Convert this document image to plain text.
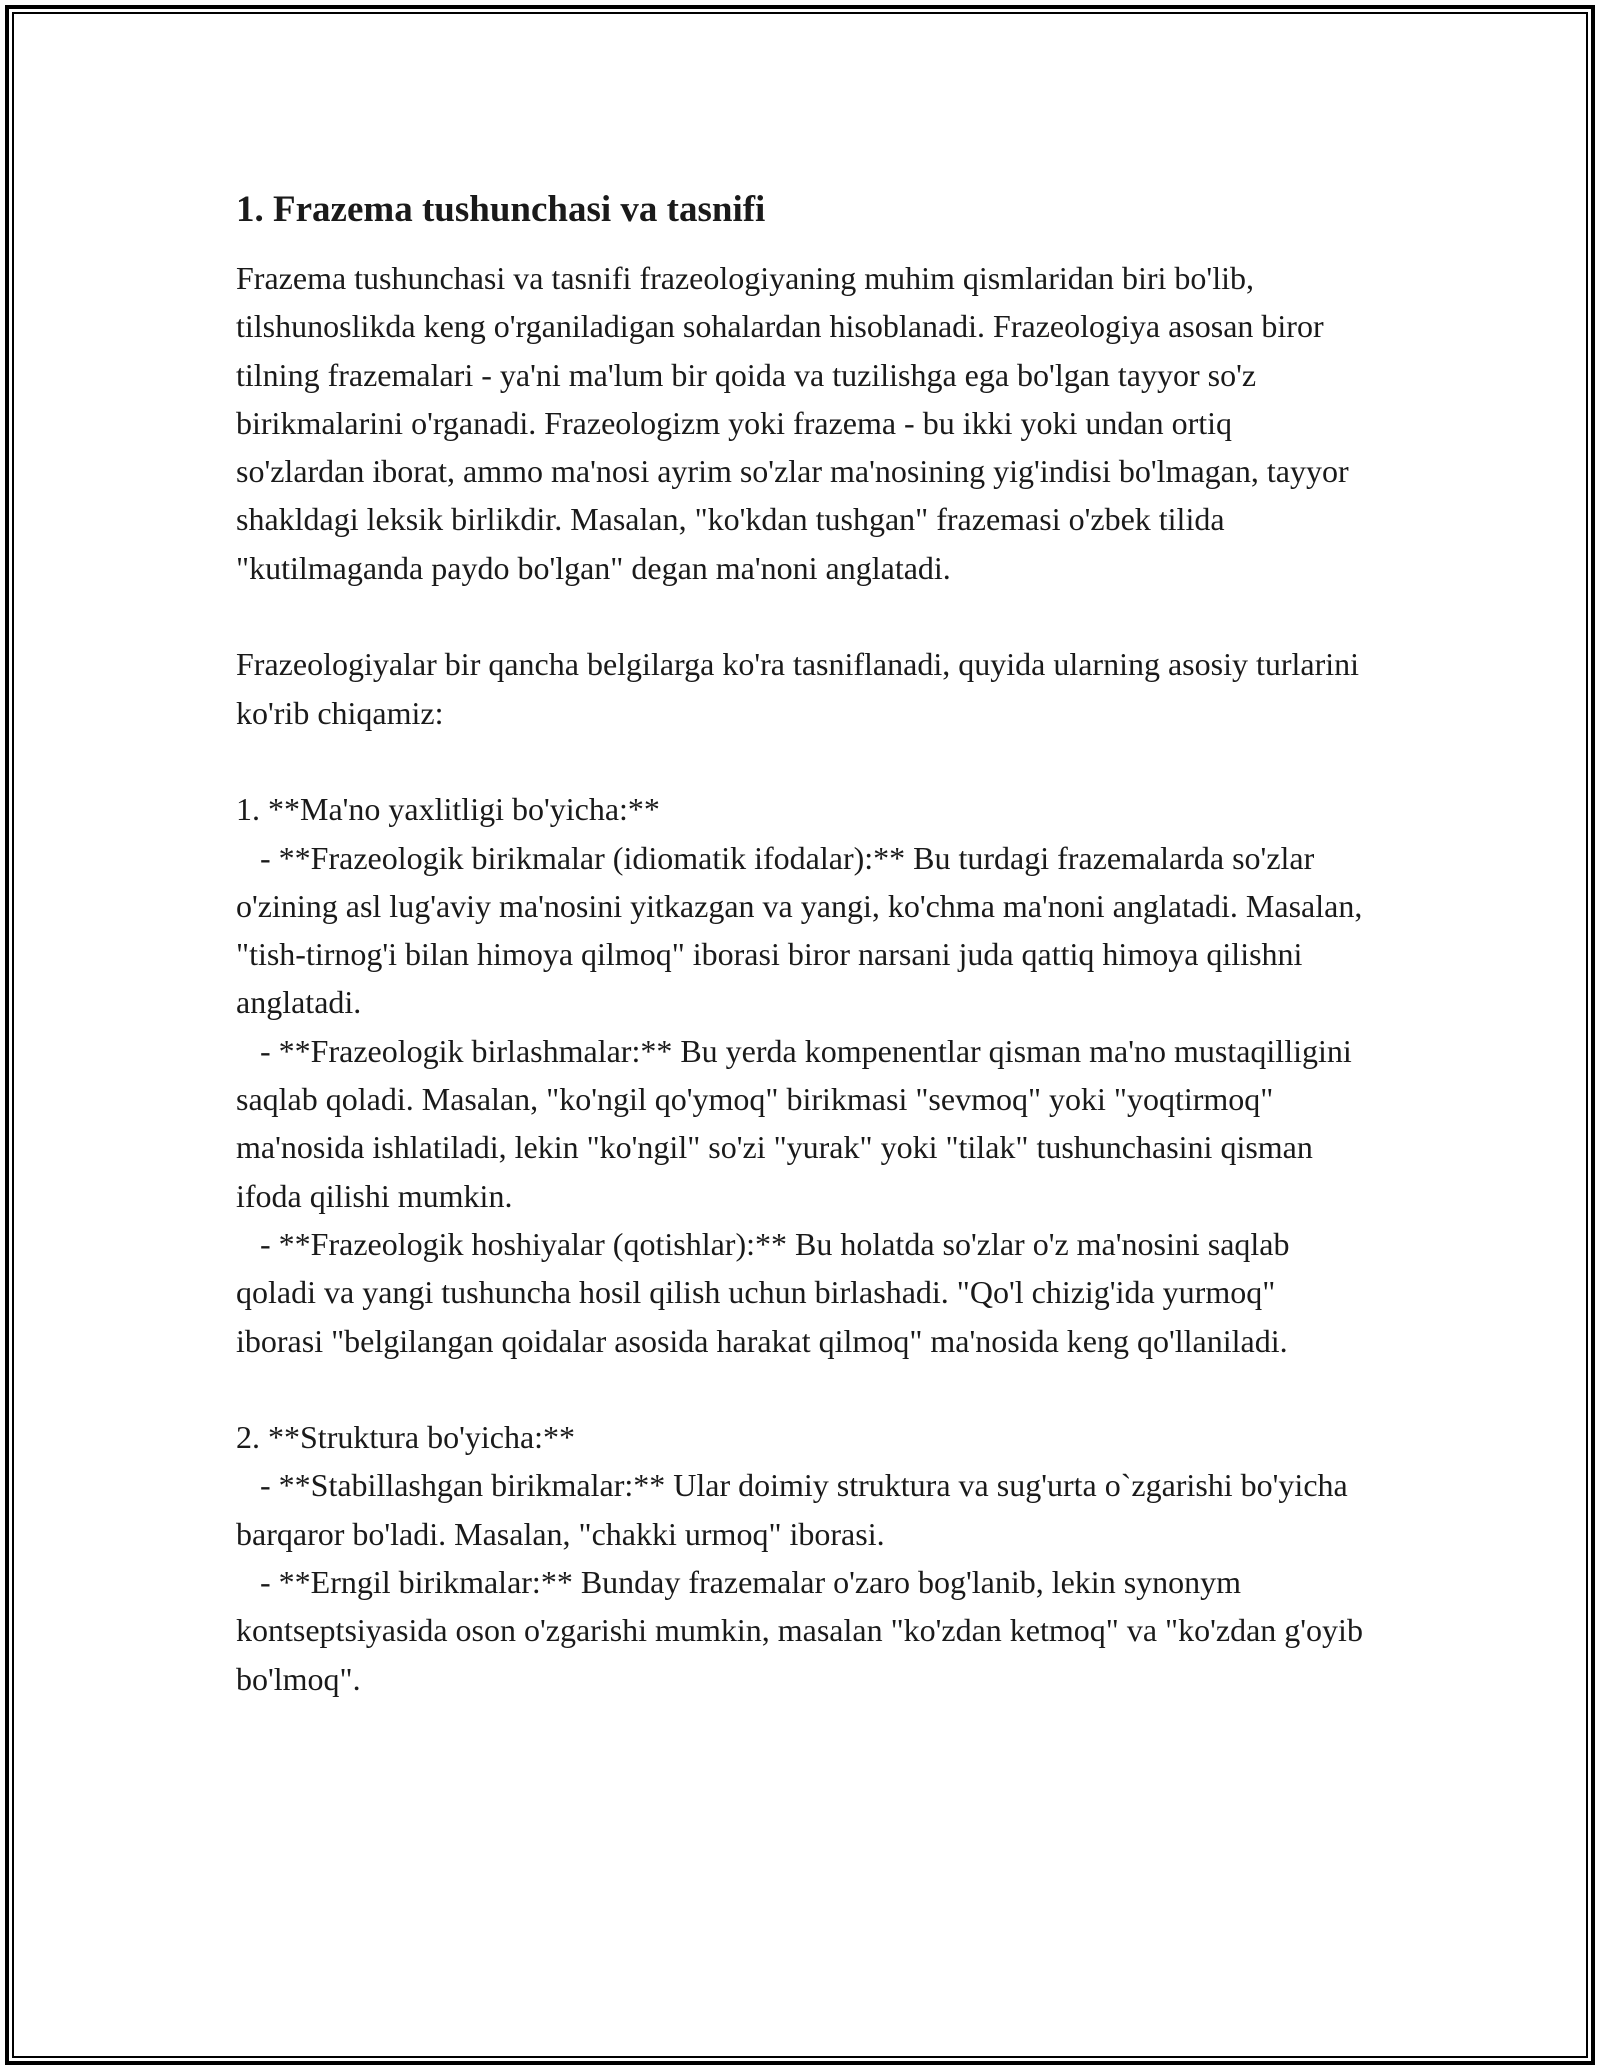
1. Frazema tushunchasi va tasnifi

Frazema tushunchasi va tasnifi frazeologiyaning muhim qismlaridan biri bo'lib, tilshunoslikda keng o'rganiladigan sohalardan hisoblanadi. Frazeologiya asosan biror tilning frazemalari - ya'ni ma'lum bir qoida va tuzilishga ega bo'lgan tayyor so'z birikmalarini o'rganadi. Frazeologizm yoki frazema - bu ikki yoki undan ortiq so'zlardan iborat, ammo ma'nosi ayrim so'zlar ma'nosining yig'indisi bo'lmagan, tayyor shakldagi leksik birlikdir. Masalan, "ko'kdan tushgan" frazemasi o'zbek tilida "kutilmaganda paydo bo'lgan" degan ma'noni anglatadi.

Frazeologiyalar bir qancha belgilarga ko'ra tasniflanadi, quyida ularning asosiy turlarini ko'rib chiqamiz:

1. **Ma'no yaxlitligi bo'yicha:**

- **Frazeologik birikmalar (idiomatik ifodalar):** Bu turdagi frazemalarda so'zlar o'zining asl lug'aviy ma'nosini yitkazgan va yangi, ko'chma ma'noni anglatadi. Masalan, "tish-tirnog'i bilan himoya qilmoq" iborasi biror narsani juda qattiq himoya qilishni anglatadi.

- **Frazeologik birlashmalar:** Bu yerda kompenentlar qisman ma'no mustaqilligini saqlab qoladi. Masalan, "ko'ngil qo'ymoq" birikmasi "sevmoq" yoki "yoqtirmoq" ma'nosida ishlatiladi, lekin "ko'ngil" so'zi "yurak" yoki "tilak" tushunchasini qisman ifoda qilishi mumkin.

- **Frazeologik hoshiyalar (qotishlar):** Bu holatda so'zlar o'z ma'nosini saqlab qoladi va yangi tushuncha hosil qilish uchun birlashadi. "Qo'l chizig'ida yurmoq" iborasi "belgilangan qoidalar asosida harakat qilmoq" ma'nosida keng qo'llaniladi.

2. **Struktura bo'yicha:**

- **Stabillashgan birikmalar:** Ular doimiy struktura va sug'urta o`zgarishi bo'yicha barqaror bo'ladi. Masalan, "chakki urmoq" iborasi.

- **Erngil birikmalar:** Bunday frazemalar o'zaro bog'lanib, lekin synonym kontseptsiyasida oson o'zgarishi mumkin, masalan "ko'zdan ketmoq" va "ko'zdan g'oyib bo'lmoq".
